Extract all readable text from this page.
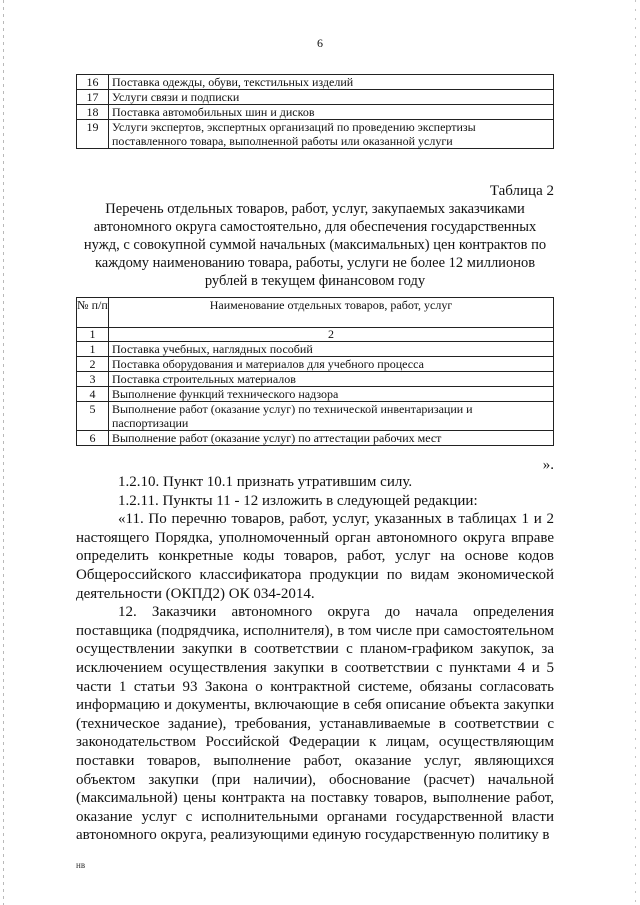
6
16	Поставка одежды, обуви, текстильных изделий
17	Услуги связи и подписки
18	Поставка автомобильных шин и дисков
19	Услуги экспертов, экспертных организаций по проведению экспертизы поставленного товара, выполненной работы или оказанной услуги
Таблица 2
Перечень отдельных товаров, работ, услуг, закупаемых заказчиками автономного округа самостоятельно, для обеспечения государственных нужд, с совокупной суммой начальных (максимальных) цен контрактов по каждому наименованию товара, работы, услуги не более 12 миллионов рублей в текущем финансовом году
№ п/п	Наименование отдельных товаров, работ, услуг
1	2
1	Поставка учебных, наглядных пособий
2	Поставка оборудования и материалов для учебного процесса
3	Поставка строительных материалов
4	Выполнение функций технического надзора
5	Выполнение работ (оказание услуг) по технической инвентаризации и паспортизации
6	Выполнение работ (оказание услуг) по аттестации рабочих мест
».

1.2.10. Пункт 10.1 признать утратившим силу.

1.2.11. Пункты 11 - 12 изложить в следующей редакции:

«11. По перечню товаров, работ, услуг, указанных в таблицах 1 и 2 настоящего Порядка, уполномоченный орган автономного округа вправе определить конкретные коды товаров, работ, услуг на основе кодов Общероссийского классификатора продукции по видам экономической деятельности (ОКПД2) ОК 034-2014.

12. Заказчики автономного округа до начала определения поставщика (подрядчика, исполнителя), в том числе при самостоятельном осуществлении закупки в соответствии с планом-графиком закупок, за исключением осуществления закупки в соответствии с пунктами 4 и 5 части 1 статьи 93 Закона о контрактной системе, обязаны согласовать информацию и документы, включающие в себя описание объекта закупки (техническое задание), требования, устанавливаемые в соответствии с законодательством Российской Федерации к лицам, осуществляющим поставки товаров, выполнение работ, оказание услуг, являющихся объектом закупки (при наличии), обоснование (расчет) начальной (максимальной) цены контракта на поставку товаров, выполнение работ, оказание услуг с исполнительными органами государственной власти автономного округа, реализующими единую государственную политику в

нв
